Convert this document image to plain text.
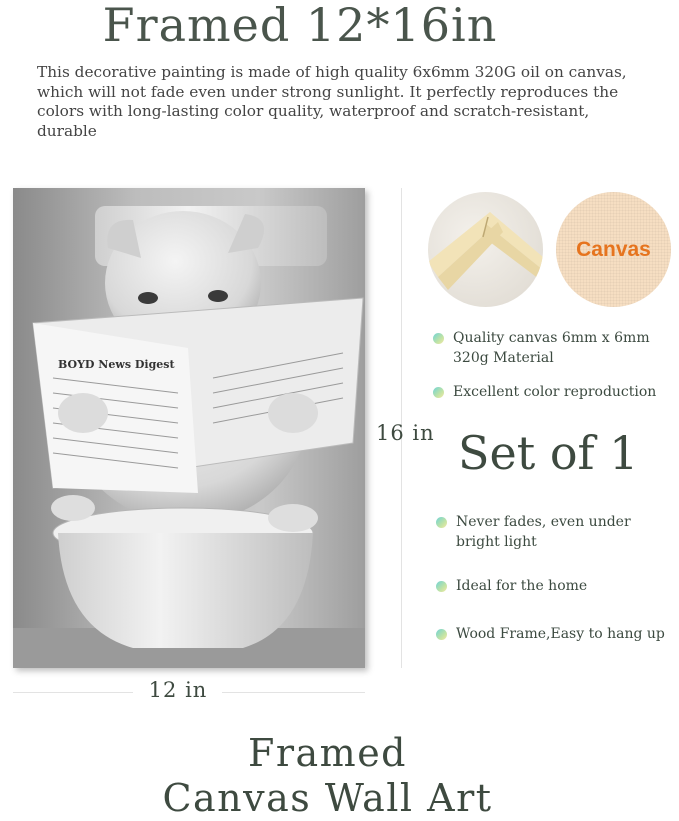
Framed 12*16in
This decorative painting is made of high quality 6x6mm 320G oil on canvas, which will not fade even under strong sunlight. It perfectly reproduces the colors with long-lasting color quality, waterproof and scratch-resistant, durable
BOYD News Digest
12 in
16 in
Canvas
Quality canvas 6mm x 6mm 320g Material
Excellent color reproduction
Set of 1
Never fades, even under bright light
Ideal for the home
Wood Frame,Easy to hang up
Framed
Canvas Wall Art
